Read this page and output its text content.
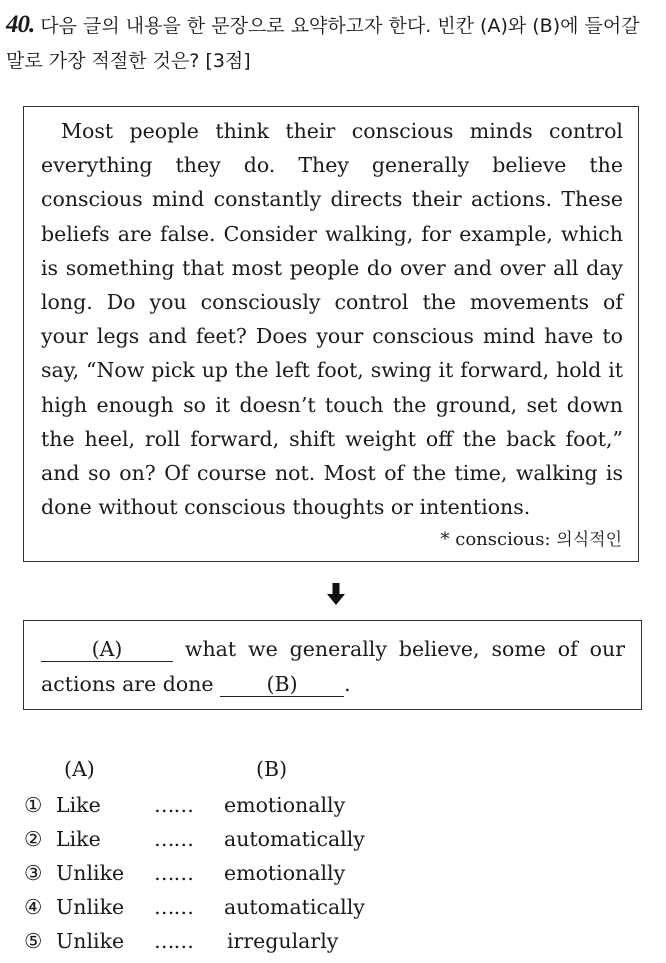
40. 다음 글의 내용을 한 문장으로 요약하고자 한다. 빈칸 (A)와 (B)에 들어갈 말로 가장 적절한 것은? [3점]

Most people think their conscious minds control everything they do. They generally believe the conscious mind constantly directs their actions. These beliefs are false. Consider walking, for example, which is something that most people do over and over all day long. Do you consciously control the movements of your legs and feet? Does your conscious mind have to say, “Now pick up the left foot, swing it forward, hold it high enough so it doesn’t touch the ground, set down the heel, roll forward, shift weight off the back foot,” and so on? Of course not. Most of the time, walking is done without conscious thoughts or intentions.

* conscious: 의식적인

(A) what we generally believe, some of our actions are done (B) .

(A)	(B)
① Like	…… emotionally
② Like	…… automatically
③ Unlike …… emotionally
④ Unlike …… automatically
⑤ Unlike …… irregularly
